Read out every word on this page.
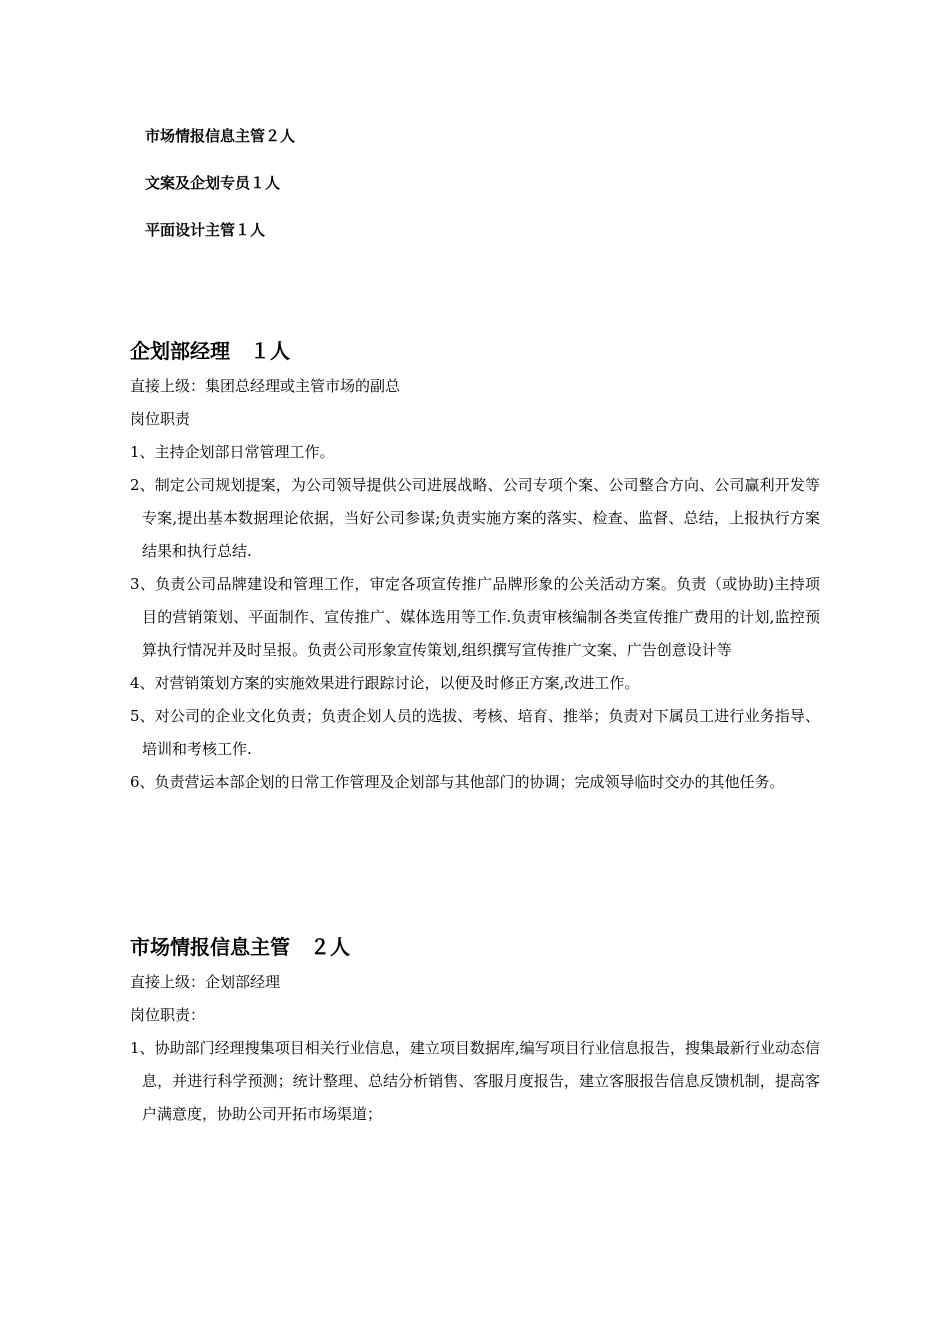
市场情报信息主管２人
文案及企划专员１人
平面设计主管１人
企划部经理　１人
直接上级：集团总经理或主管市场的副总
岗位职责
1、主持企划部日常管理工作。
2、制定公司规划提案，为公司领导提供公司进展战略、公司专项个案、公司整合方向、公司赢利开发等专案,提出基本数据理论依据，当好公司参谋;负责实施方案的落实、检查、监督、总结，上报执行方案结果和执行总结.
3、负责公司品牌建设和管理工作，审定各项宣传推广品牌形象的公关活动方案。负责（或协助)主持项目的营销策划、平面制作、宣传推广、媒体选用等工作.负责审核编制各类宣传推广费用的计划,监控预算执行情况并及时呈报。负责公司形象宣传策划,组织撰写宣传推广文案、广告创意设计等
4、对营销策划方案的实施效果进行跟踪讨论，以便及时修正方案,改进工作。
5、对公司的企业文化负责；负责企划人员的选拔、考核、培育、推举；负责对下属员工进行业务指导、培训和考核工作.
6、负责营运本部企划的日常工作管理及企划部与其他部门的协调；完成领导临时交办的其他任务。
市场情报信息主管　２人
直接上级：企划部经理
岗位职责：
1、协助部门经理搜集项目相关行业信息，建立项目数据库,编写项目行业信息报告，搜集最新行业动态信息，并进行科学预测；统计整理、总结分析销售、客服月度报告，建立客服报告信息反馈机制，提高客户满意度，协助公司开拓市场渠道；
